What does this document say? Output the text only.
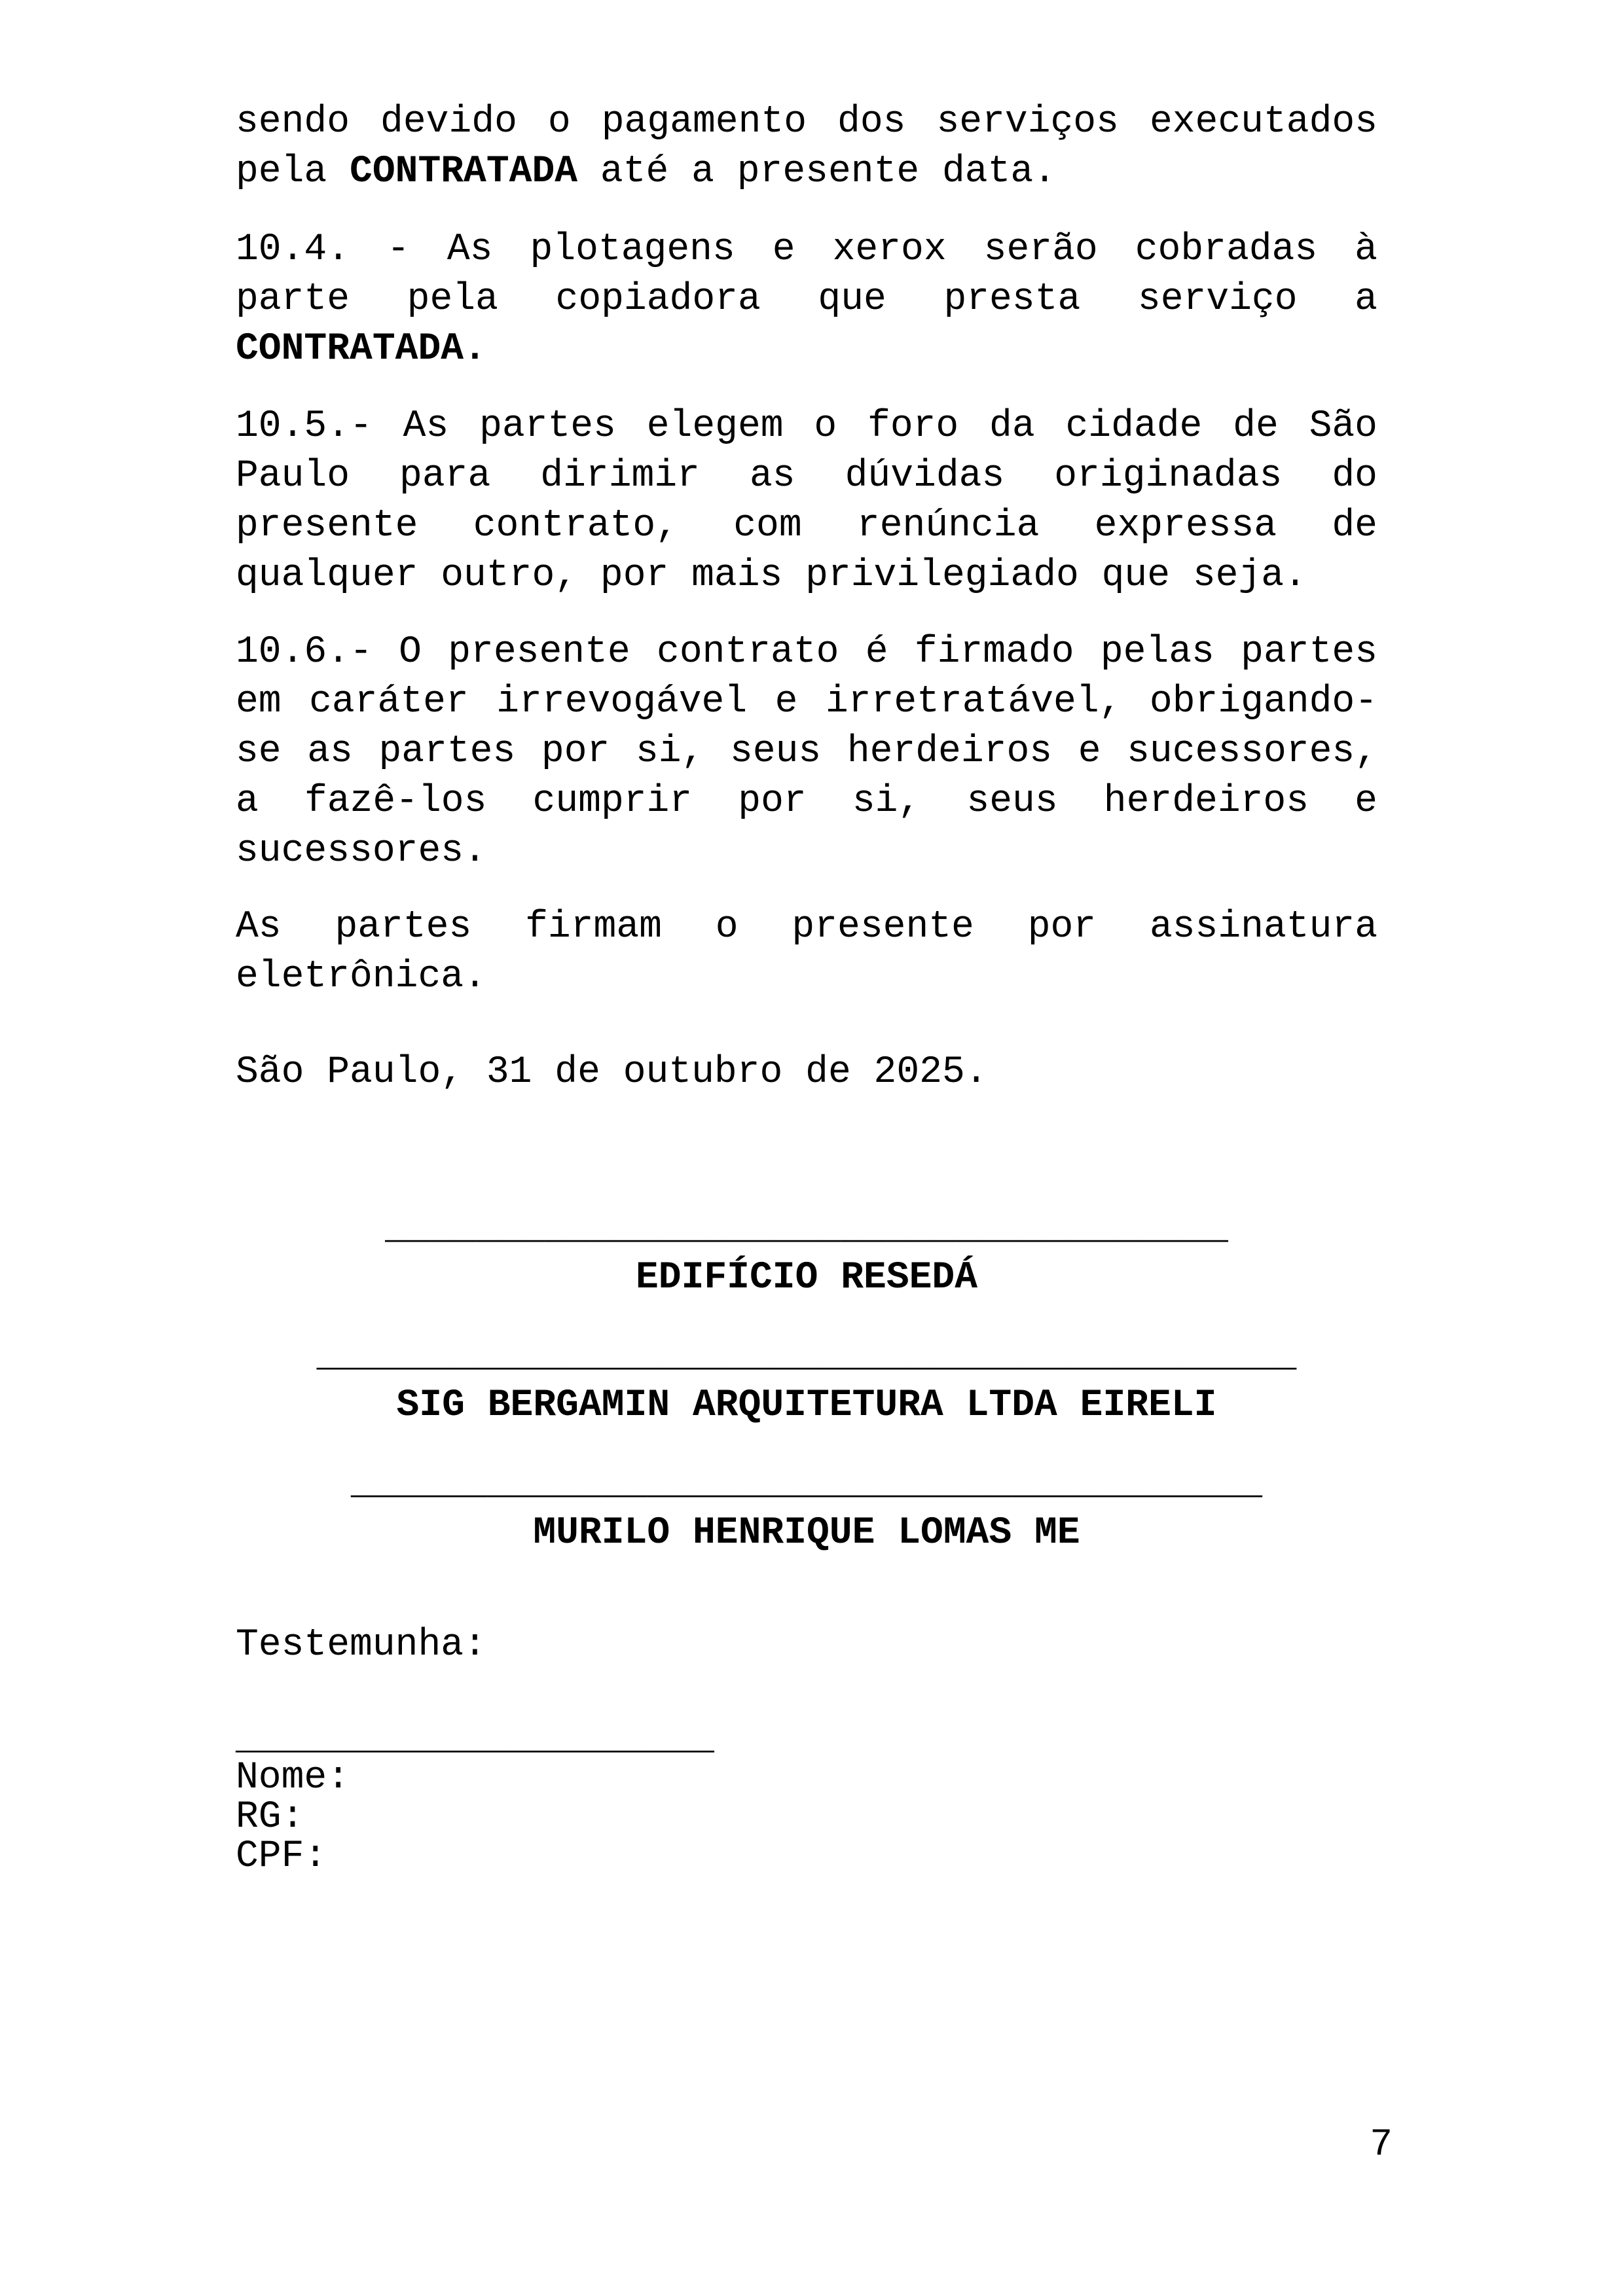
sendo devido o pagamento dos serviços executados pela CONTRATADA até a presente data.

10.4. - As plotagens e xerox serão cobradas à parte pela copiadora que presta serviço a CONTRATADA.

10.5.- As partes elegem o foro da cidade de São Paulo para dirimir as dúvidas originadas do presente contrato, com renúncia expressa de qualquer outro, por mais privilegiado que seja.

10.6.- O presente contrato é firmado pelas partes em caráter irrevogável e irretratável, obrigando-se as partes por si, seus herdeiros e sucessores, a fazê-los cumprir por si, seus herdeiros e sucessores.

As partes firmam o presente por assinatura eletrônica.

São Paulo, 31 de outubro de 2025.
_____________________________________
EDIFÍCIO RESEDÁ
___________________________________________
SIG BERGAMIN ARQUITETURA LTDA EIRELI
________________________________________
MURILO HENRIQUE LOMAS ME
Testemunha:
_____________________
Nome:
RG:
CPF:
7
